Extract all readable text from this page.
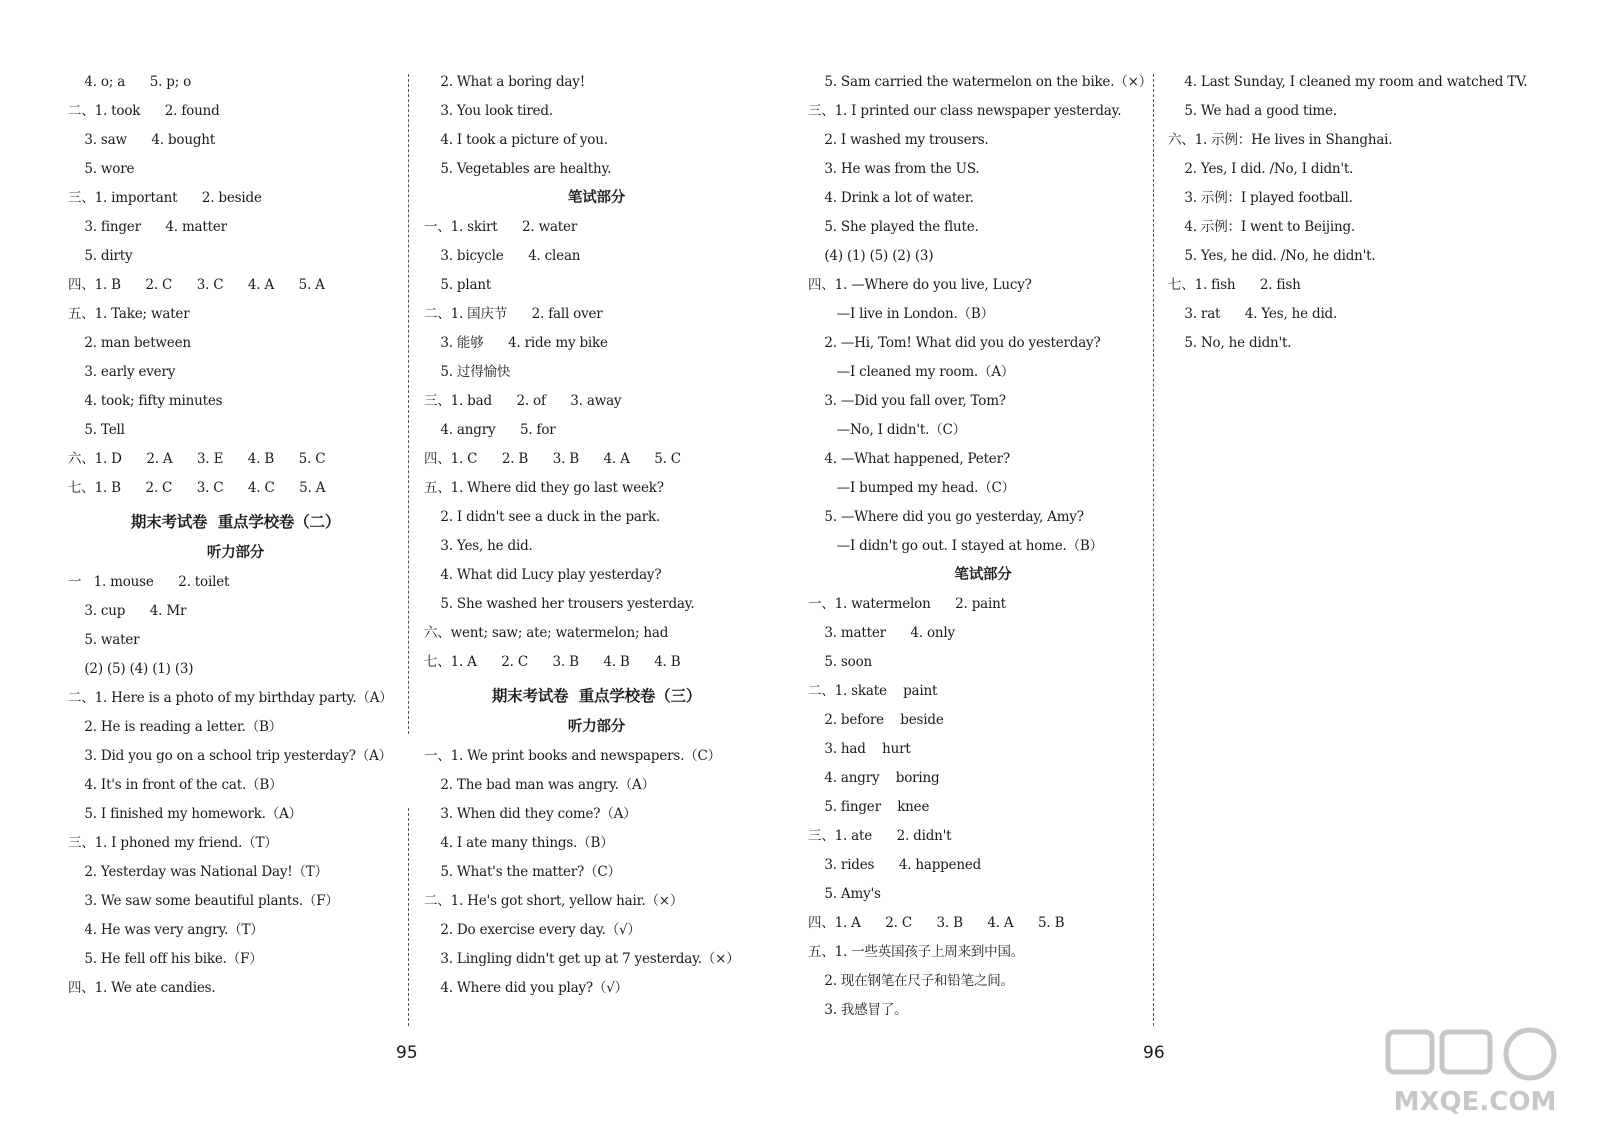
4. o; a      5. p; o
二、1. took      2. found
3. saw      4. bought
5. wore
三、1. important      2. beside
3. finger      4. matter
5. dirty
四、1. B      2. C      3. C      4. A      5. A
五、1. Take; water
2. man between
3. early every
4. took; fifty minutes
5. Tell
六、1. D      2. A      3. E      4. B      5. C
七、1. B      2. C      3. C      4. C      5. A
期末考试卷  重点学校卷（二）
听力部分
一   1. mouse      2. toilet
3. cup      4. Mr
5. water
(2) (5) (4) (1) (3)
二、1. Here is a photo of my birthday party.（A）
2. He is reading a letter.（B）
3. Did you go on a school trip yesterday?（A）
4. It's in front of the cat.（B）
5. I finished my homework.（A）
三、1. I phoned my friend.（T）
2. Yesterday was National Day!（T）
3. We saw some beautiful plants.（F）
4. He was very angry.（T）
5. He fell off his bike.（F）
四、1. We ate candies.
2. What a boring day!
3. You look tired.
4. I took a picture of you.
5. Vegetables are healthy.
笔试部分
一、1. skirt      2. water
3. bicycle      4. clean
5. plant
二、1. 国庆节      2. fall over
3. 能够      4. ride my bike
5. 过得愉快
三、1. bad      2. of      3. away
4. angry      5. for
四、1. C      2. B      3. B      4. A      5. C
五、1. Where did they go last week?
2. I didn't see a duck in the park.
3. Yes, he did.
4. What did Lucy play yesterday?
5. She washed her trousers yesterday.
六、went; saw; ate; watermelon; had
七、1. A      2. C      3. B      4. B      4. B
期末考试卷  重点学校卷（三）
听力部分
一、1. We print books and newspapers.（C）
2. The bad man was angry.（A）
3. When did they come?（A）
4. I ate many things.（B）
5. What's the matter?（C）
二、1. He's got short, yellow hair.（×）
2. Do exercise every day.（√）
3. Lingling didn't get up at 7 yesterday.（×）
4. Where did you play?（√）
5. Sam carried the watermelon on the bike.（×）
三、1. I printed our class newspaper yesterday.
2. I washed my trousers.
3. He was from the US.
4. Drink a lot of water.
5. She played the flute.
(4) (1) (5) (2) (3)
四、1. —Where do you live, Lucy?
—I live in London.（B）
2. —Hi, Tom! What did you do yesterday?
—I cleaned my room.（A）
3. —Did you fall over, Tom?
—No, I didn't.（C）
4. —What happened, Peter?
—I bumped my head.（C）
5. —Where did you go yesterday, Amy?
—I didn't go out. I stayed at home.（B）
笔试部分
一、1. watermelon      2. paint
3. matter      4. only
5. soon
二、1. skate    paint
2. before    beside
3. had    hurt
4. angry    boring
5. finger    knee
三、1. ate      2. didn't
3. rides      4. happened
5. Amy's
四、1. A      2. C      3. B      4. A      5. B
五、1. 一些英国孩子上周来到中国。
2. 现在钢笔在尺子和铅笔之间。
3. 我感冒了。
4. Last Sunday, I cleaned my room and watched TV.
5. We had a good time.
六、1. 示例：He lives in Shanghai.
2. Yes, I did. /No, I didn't.
3. 示例：I played football.
4. 示例：I went to Beijing.
5. Yes, he did. /No, he didn't.
七、1. fish      2. fish
3. rat      4. Yes, he did.
5. No, he didn't.
95	96
MXQE.COM
